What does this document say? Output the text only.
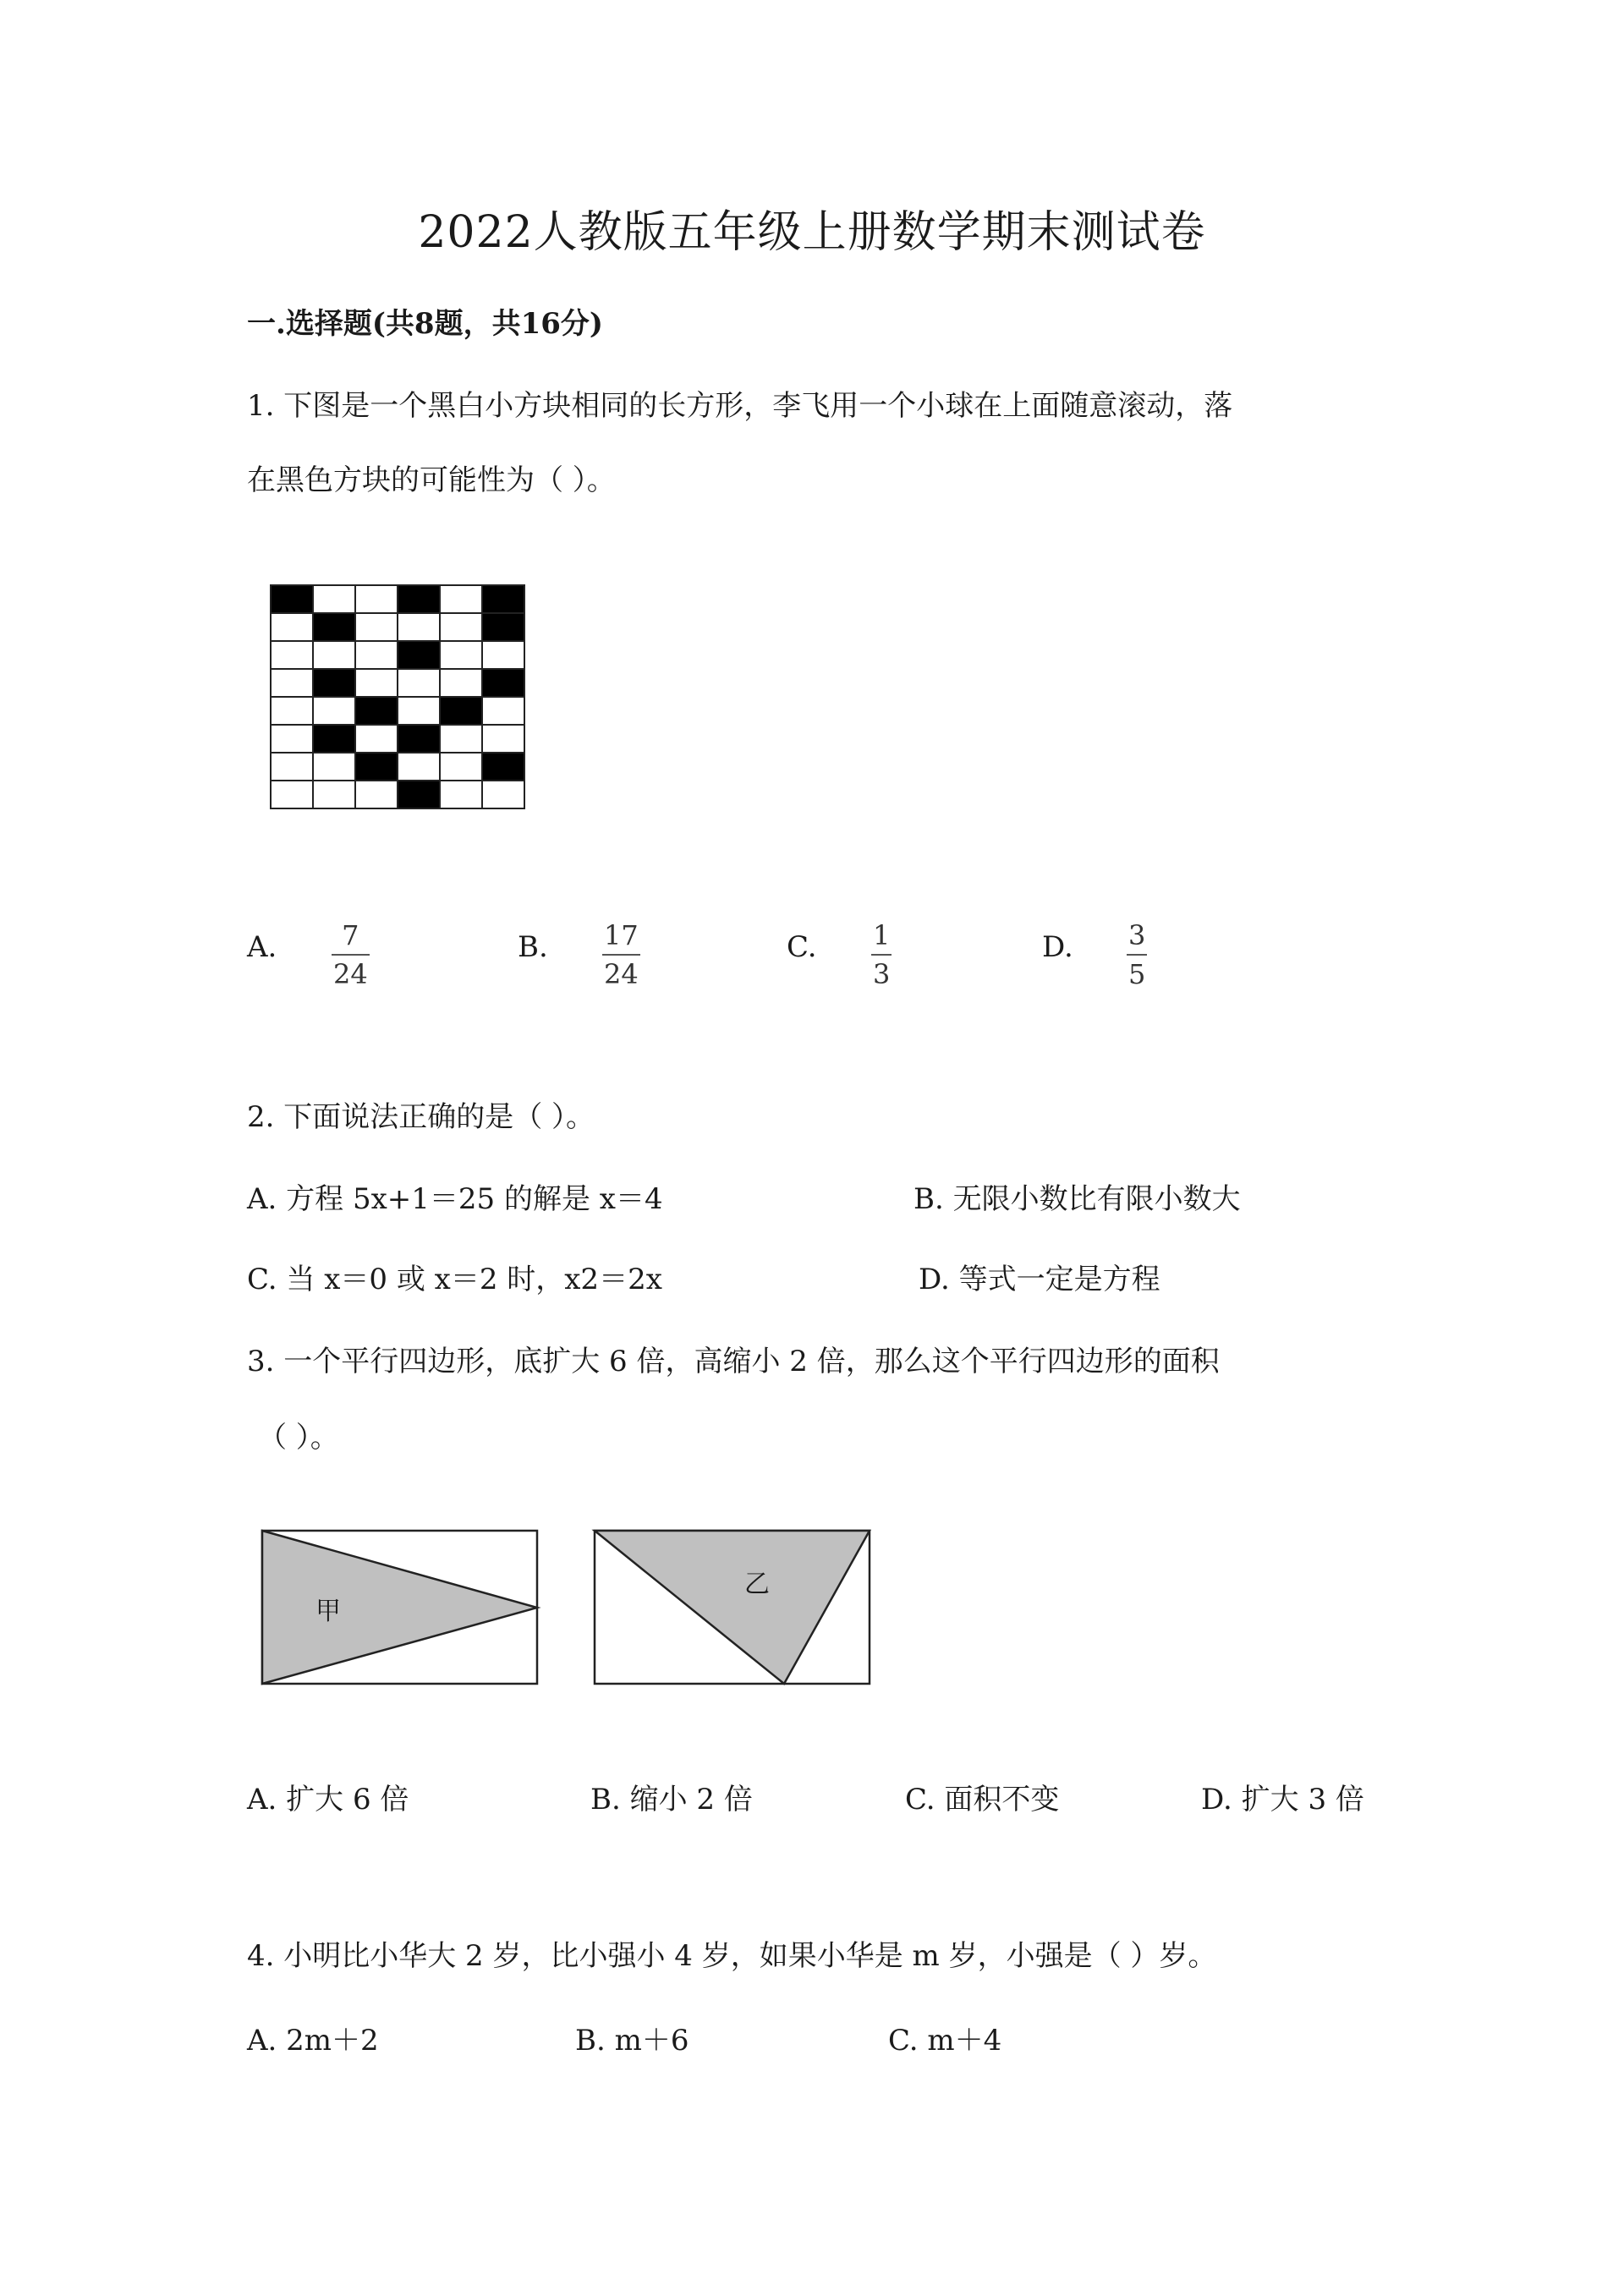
2022人教版五年级上册数学期末测试卷
一.选择题(共8题，共16分)
1. 下图是一个黑白小方块相同的长方形，李飞用一个小球在上面随意滚动，落
在黑色方块的可能性为（ ）。
A. 7
24
B. 17
24
C. 1
3
D. 3
5
2. 下面说法正确的是（ ）。
A. 方程 5x+1＝25 的解是 x＝4	B. 无限小数比有限小数大
C. 当 x＝0 或 x＝2 时，x2＝2x	D. 等式一定是方程
3. 一个平行四边形，底扩大 6 倍，高缩小 2 倍，那么这个平行四边形的面积
（ ）。
甲
乙
A. 扩大 6 倍	B. 缩小 2 倍	C. 面积不变	D. 扩大 3 倍
4. 小明比小华大 2 岁，比小强小 4 岁，如果小华是 m 岁，小强是（ ）岁。
A. 2m＋2	B. m＋6	C. m＋4
